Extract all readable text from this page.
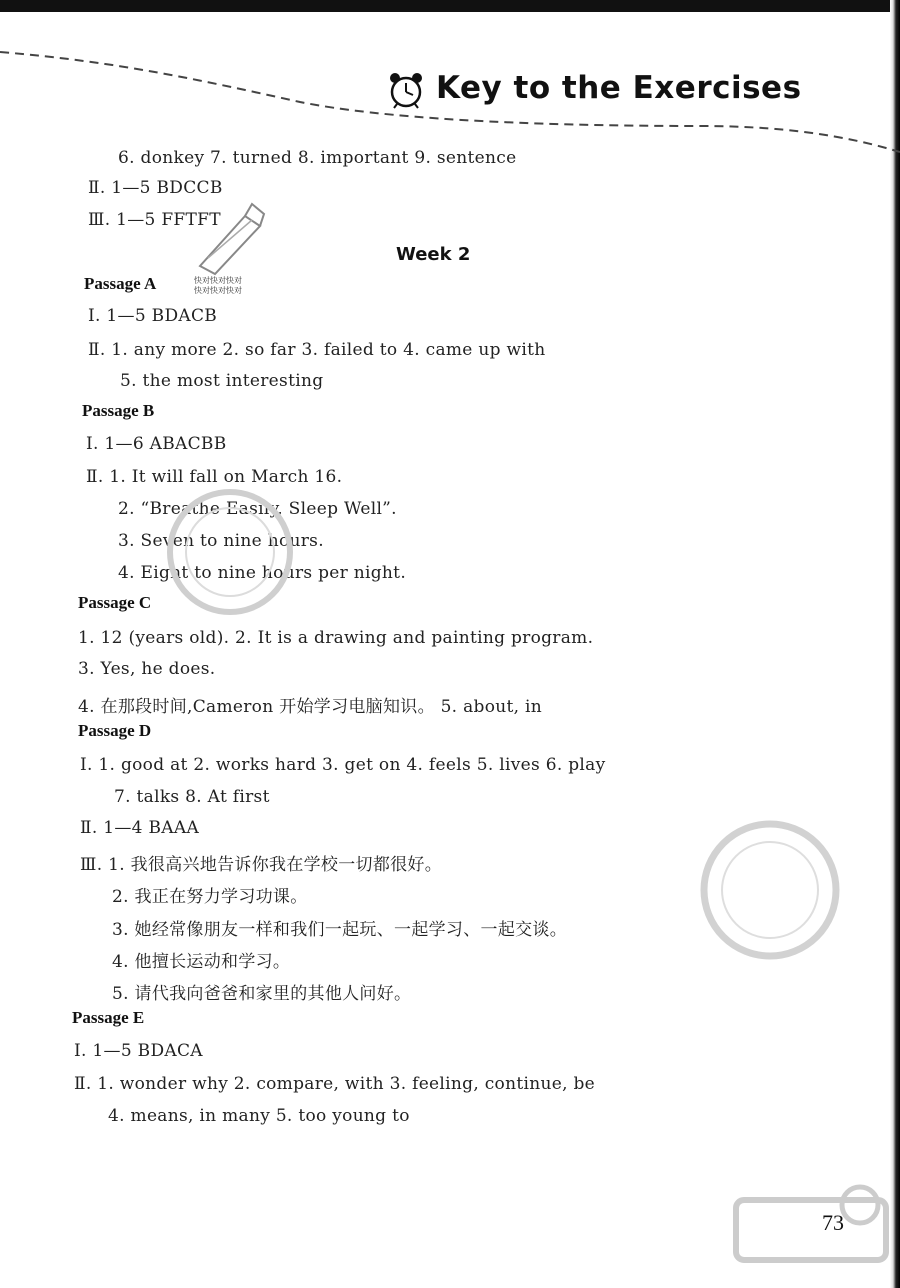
Key to the Exercises
6. donkey 7. turned 8. important 9. sentence
Ⅱ. 1—5 BDCCB
Ⅲ. 1—5 FFTFT
Week 2
快对快对快对
快对快对快对
Passage A
Ⅰ. 1—5 BDACB
Ⅱ. 1. any more 2. so far 3. failed to 4. came up with
5. the most interesting
Passage B
Ⅰ. 1—6 ABACBB
Ⅱ. 1. It will fall on March 16.
2. “Breathe Easily, Sleep Well”.
3. Seven to nine hours.
4. Eight to nine hours per night.
Passage C
1. 12 (years old). 2. It is a drawing and painting program.
3. Yes, he does.
4. 在那段时间,Cameron 开始学习电脑知识。 5. about, in
Passage D
Ⅰ. 1. good at 2. works hard 3. get on 4. feels 5. lives 6. play
7. talks 8. At first
Ⅱ. 1—4 BAAA
Ⅲ. 1. 我很高兴地告诉你我在学校一切都很好。
2. 我正在努力学习功课。
3. 她经常像朋友一样和我们一起玩、一起学习、一起交谈。
4. 他擅长运动和学习。
5. 请代我向爸爸和家里的其他人问好。
Passage E
Ⅰ. 1—5 BDACA
Ⅱ. 1. wonder why 2. compare, with 3. feeling, continue, be
4. means, in many 5. too young to
73
